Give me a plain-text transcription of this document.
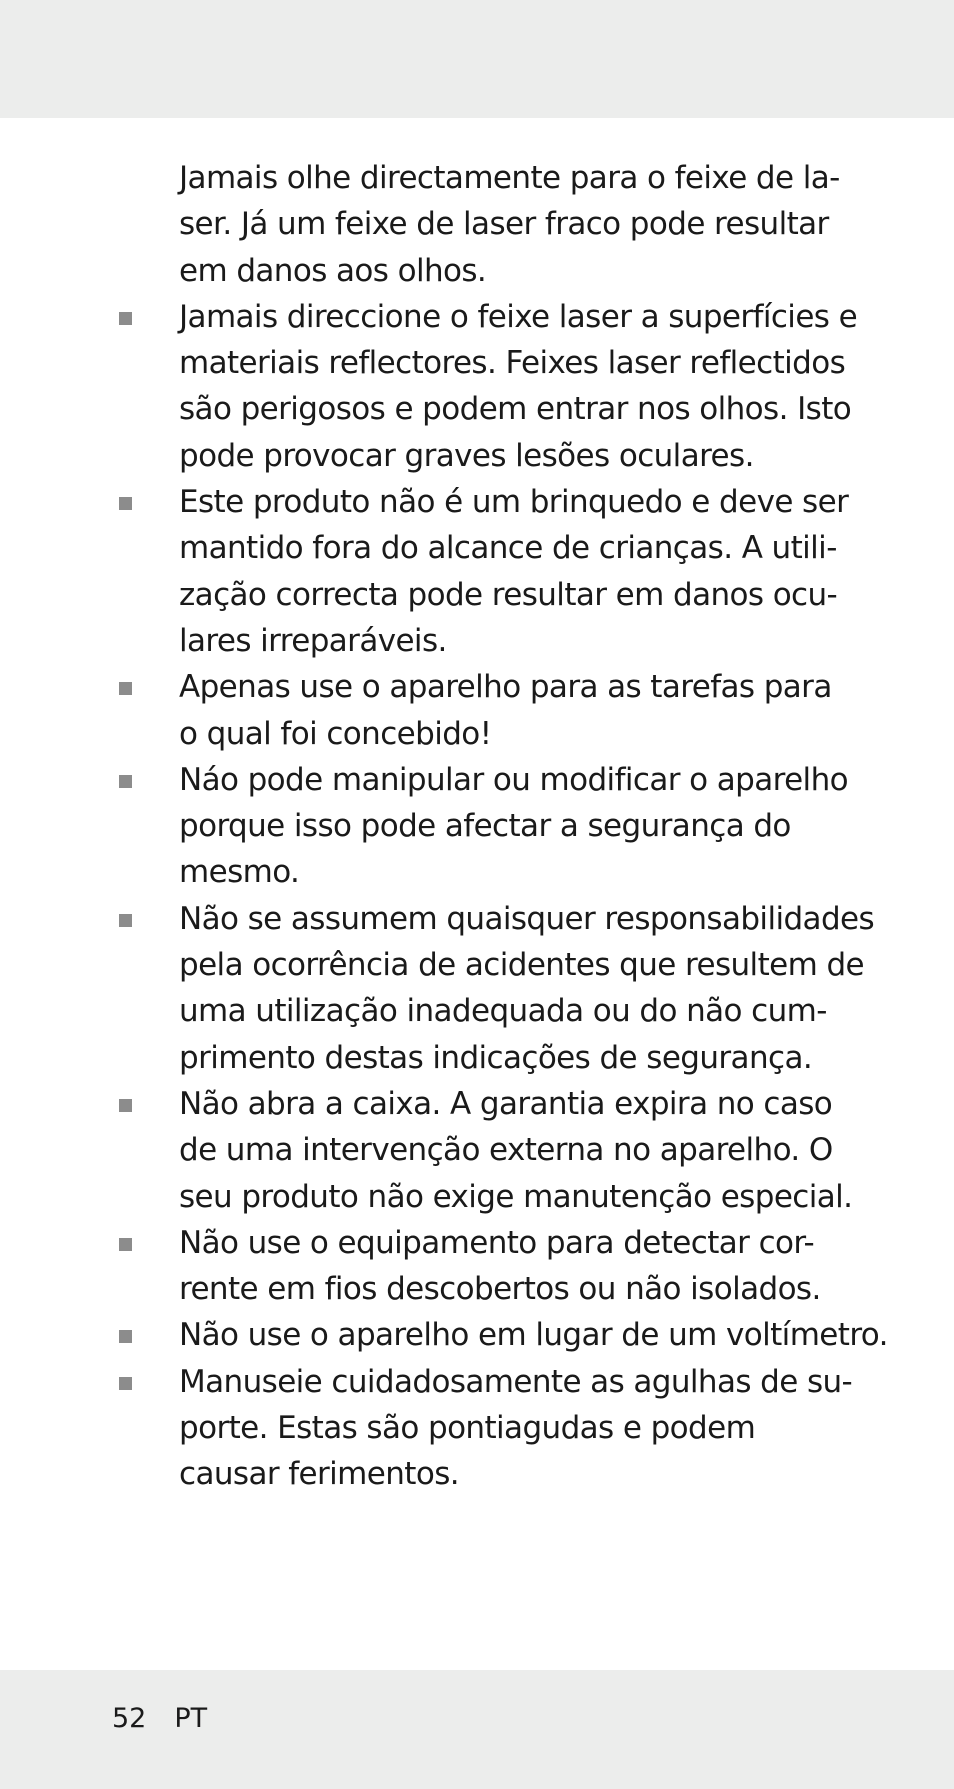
Jamais olhe directamente para o feixe de la-
ser. Já um feixe de laser fraco pode resultar
em danos aos olhos.
Jamais direccione o feixe laser a superfícies e
materiais reflectores. Feixes laser reflectidos
são perigosos e podem entrar nos olhos. Isto
pode provocar graves lesões oculares.
Este produto não é um brinquedo e deve ser
mantido fora do alcance de crianças. A utili-
zação correcta pode resultar em danos ocu-
lares irreparáveis.
Apenas use o aparelho para as tarefas para
o qual foi concebido!
Náo pode manipular ou modificar o aparelho
porque isso pode afectar a segurança do
mesmo.
Não se assumem quaisquer responsabilidades
pela ocorrência de acidentes que resultem de
uma utilização inadequada ou do não cum-
primento destas indicações de segurança.
Não abra a caixa. A garantia expira no caso
de uma intervenção externa no aparelho. O
seu produto não exige manutenção especial.
Não use o equipamento para detectar cor-
rente em fios descobertos ou não isolados.
Não use o aparelho em lugar de um voltímetro.
Manuseie cuidadosamente as agulhas de su-
porte. Estas são pontiagudas e podem
causar ferimentos.
52 PT
